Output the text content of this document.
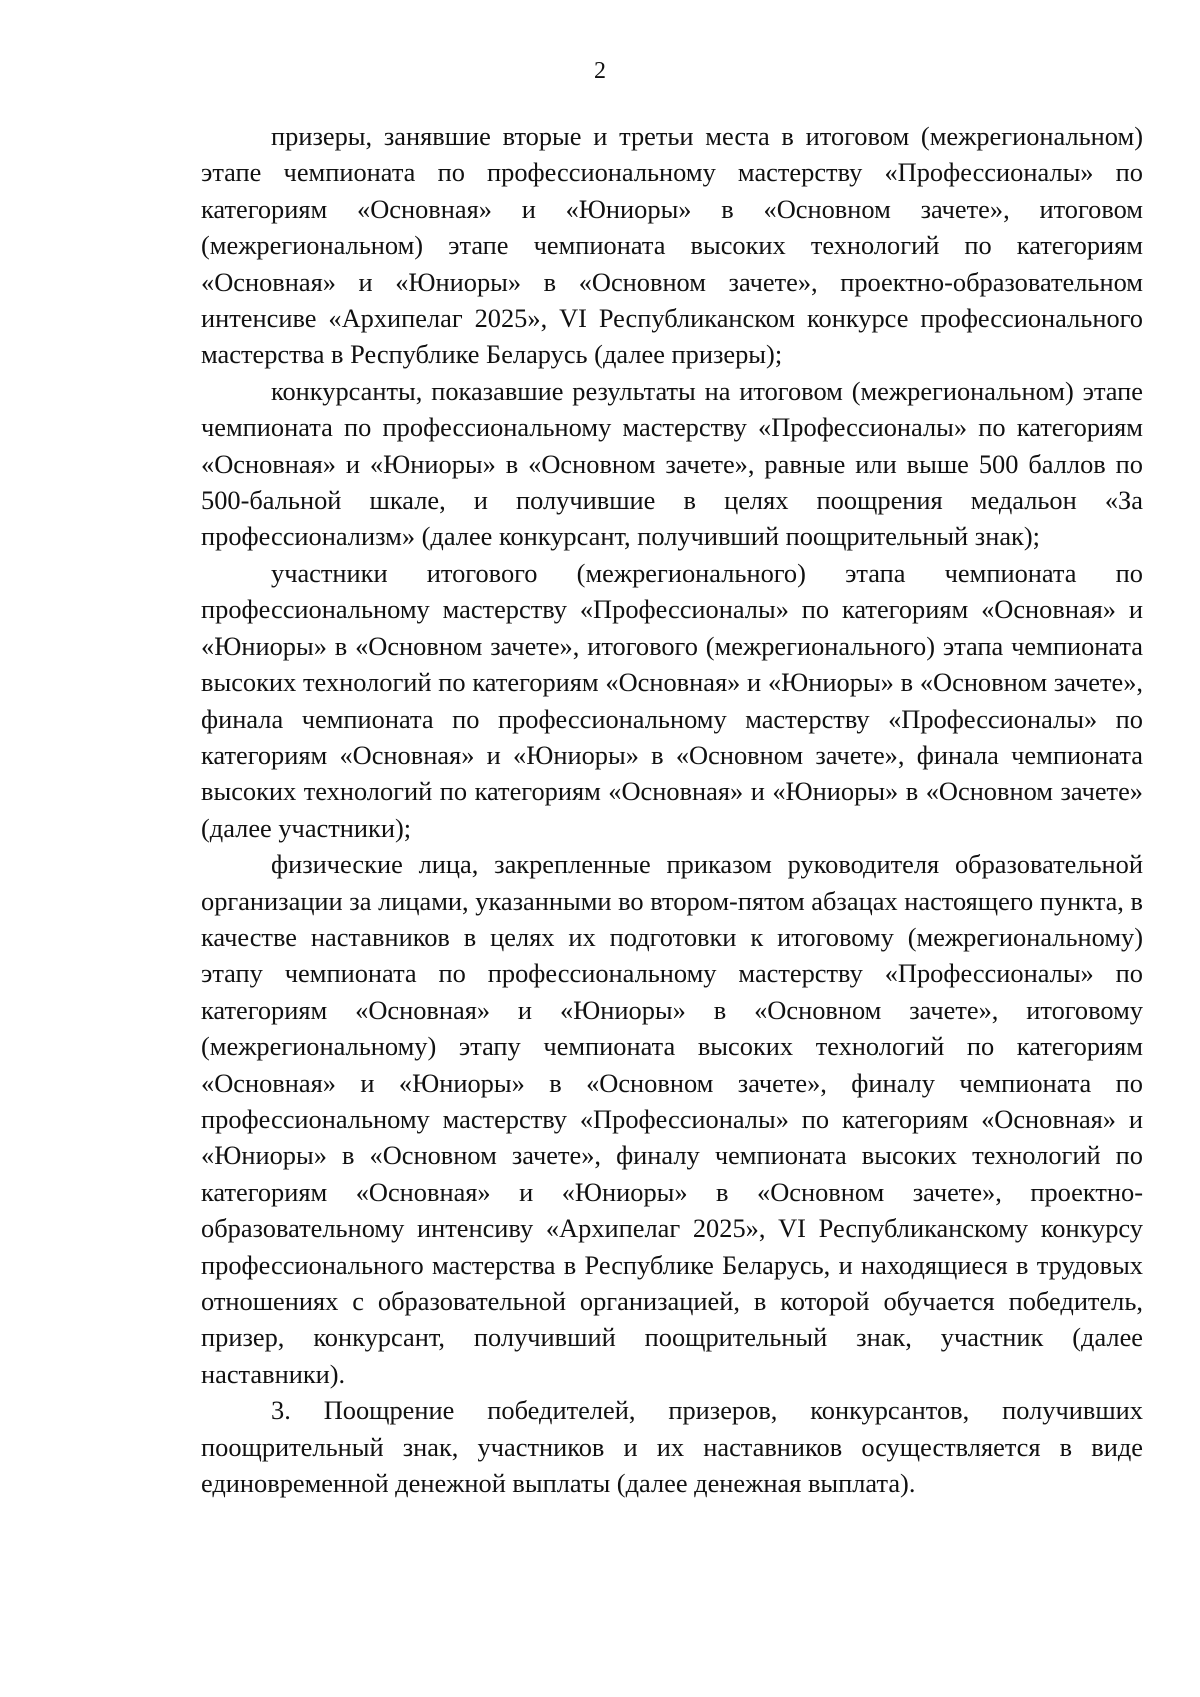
2

призеры, занявшие вторые и третьи места в итоговом (межрегиональном) этапе чемпионата по профессиональному мастерству «Профессионалы» по категориям «Основная» и «Юниоры» в «Основном зачете», итоговом (межрегиональном) этапе чемпионата высоких технологий по категориям «Основная» и «Юниоры» в «Основном зачете», проектно-образовательном интенсиве «Архипелаг 2025», VI Республиканском конкурсе профессионального мастерства в Республике Беларусь (далее призеры);

конкурсанты, показавшие результаты на итоговом (межрегиональном) этапе чемпионата по профессиональному мастерству «Профессионалы» по категориям «Основная» и «Юниоры» в «Основном зачете», равные или выше 500 баллов по 500-бальной шкале, и получившие в целях поощрения медальон «За профессионализм» (далее конкурсант, получивший поощрительный знак);

участники итогового (межрегионального) этапа чемпионата по профессиональному мастерству «Профессионалы» по категориям «Основная» и «Юниоры» в «Основном зачете», итогового (межрегионального) этапа чемпионата высоких технологий по категориям «Основная» и «Юниоры» в «Основном зачете», финала чемпионата по профессиональному мастерству «Профессионалы» по категориям «Основная» и «Юниоры» в «Основном зачете», финала чемпионата высоких технологий по категориям «Основная» и «Юниоры» в «Основном зачете» (далее участники);

физические лица, закрепленные приказом руководителя образовательной организации за лицами, указанными во втором-пятом абзацах настоящего пункта, в качестве наставников в целях их подготовки к итоговому (межрегиональному) этапу чемпионата по профессиональному мастерству «Профессионалы» по категориям «Основная» и «Юниоры» в «Основном зачете», итоговому (межрегиональному) этапу чемпионата высоких технологий по категориям «Основная» и «Юниоры» в «Основном зачете», финалу чемпионата по профессиональному мастерству «Профессионалы» по категориям «Основная» и «Юниоры» в «Основном зачете», финалу чемпионата высоких технологий по категориям «Основная» и «Юниоры» в «Основном зачете», проектно-образовательному интенсиву «Архипелаг 2025», VI Республиканскому конкурсу профессионального мастерства в Республике Беларусь, и находящиеся в трудовых отношениях с образовательной организацией, в которой обучается победитель, призер, конкурсант, получивший поощрительный знак, участник (далее наставники).

3. Поощрение победителей, призеров, конкурсантов, получивших поощрительный знак, участников и их наставников осуществляется в виде единовременной денежной выплаты (далее денежная выплата).
